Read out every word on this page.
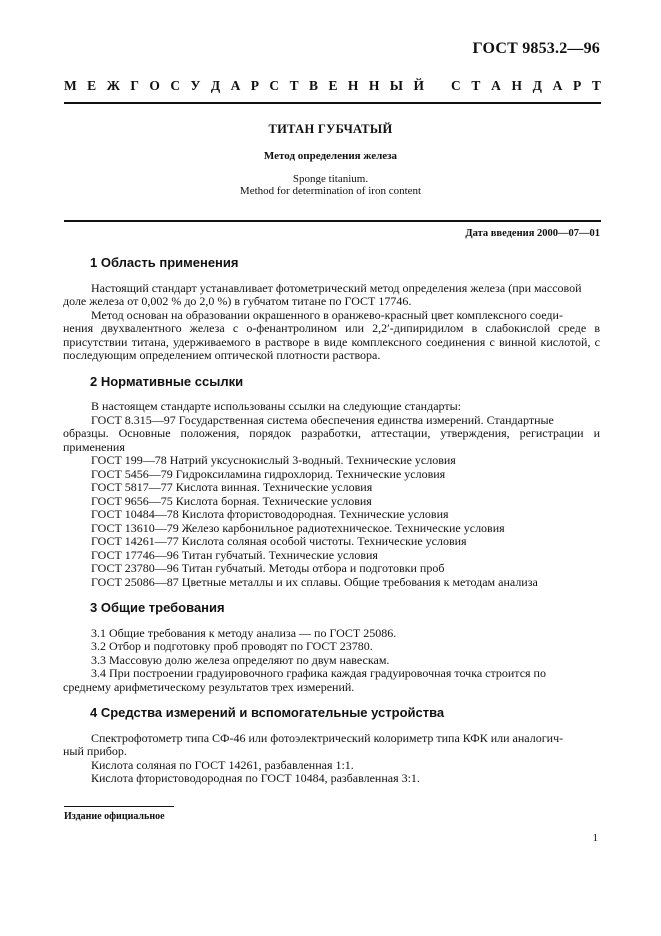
ГОСТ 9853.2—96
М Е Ж Г О С У Д А Р С Т В Е Н Н Ы Й С Т А Н Д А Р Т
ТИТАН ГУБЧАТЫЙ
Метод определения железа
Sponge titanium.
Method for determination of iron content
Дата введения 2000—07—01
1 Область применения

Настоящий стандарт устанавливает фотометрический метод определения железа (при массовой

доле железа от 0,002 % до 2,0 %) в губчатом титане по ГОСТ 17746.

Метод основан на образовании окрашенного в оранжево-красный цвет комплексного соеди-

нения двухвалентного железа с о-фенантролином или 2,2′-дипиридилом в слабокислой среде в присутствии титана, удерживаемого в растворе в виде комплексного соединения с винной кислотой, с последующим определением оптической плотности раствора.

2 Нормативные ссылки
В настоящем стандарте использованы ссылки на следующие стандарты:
ГОСТ 8.315—97 Государственная система обеспечения единства измерений. Стандартные

образцы. Основные положения, порядок разработки, аттестации, утверждения, регистрации и применения
ГОСТ 199—78 Натрий уксуснокислый 3-водный. Технические условия
ГОСТ 5456—79 Гидроксиламина гидрохлорид. Технические условия
ГОСТ 5817—77 Кислота винная. Технические условия
ГОСТ 9656—75 Кислота борная. Технические условия
ГОСТ 10484—78 Кислота фтористоводородная. Технические условия
ГОСТ 13610—79 Железо карбонильное радиотехническое. Технические условия
ГОСТ 14261—77 Кислота соляная особой чистоты. Технические условия
ГОСТ 17746—96 Титан губчатый. Технические условия
ГОСТ 23780—96 Титан губчатый. Методы отбора и подготовки проб
ГОСТ 25086—87 Цветные металлы и их сплавы. Общие требования к методам анализа
3 Общие требования
3.1 Общие требования к методу анализа — по ГОСТ 25086.
3.2 Отбор и подготовку проб проводят по ГОСТ 23780.
3.3 Массовую долю железа определяют по двум навескам.
3.4 При построении градуировочного графика каждая градуировочная точка строится по

среднему арифметическому результатов трех измерений.
4 Средства измерений и вспомогательные устройства
Спектрофотометр типа СФ-46 или фотоэлектрический колориметр типа КФК или аналогич-

ный прибор.
Кислота соляная по ГОСТ 14261, разбавленная 1:1.
Кислота фтористоводородная по ГОСТ 10484, разбавленная 3:1.
Издание официальное
1
